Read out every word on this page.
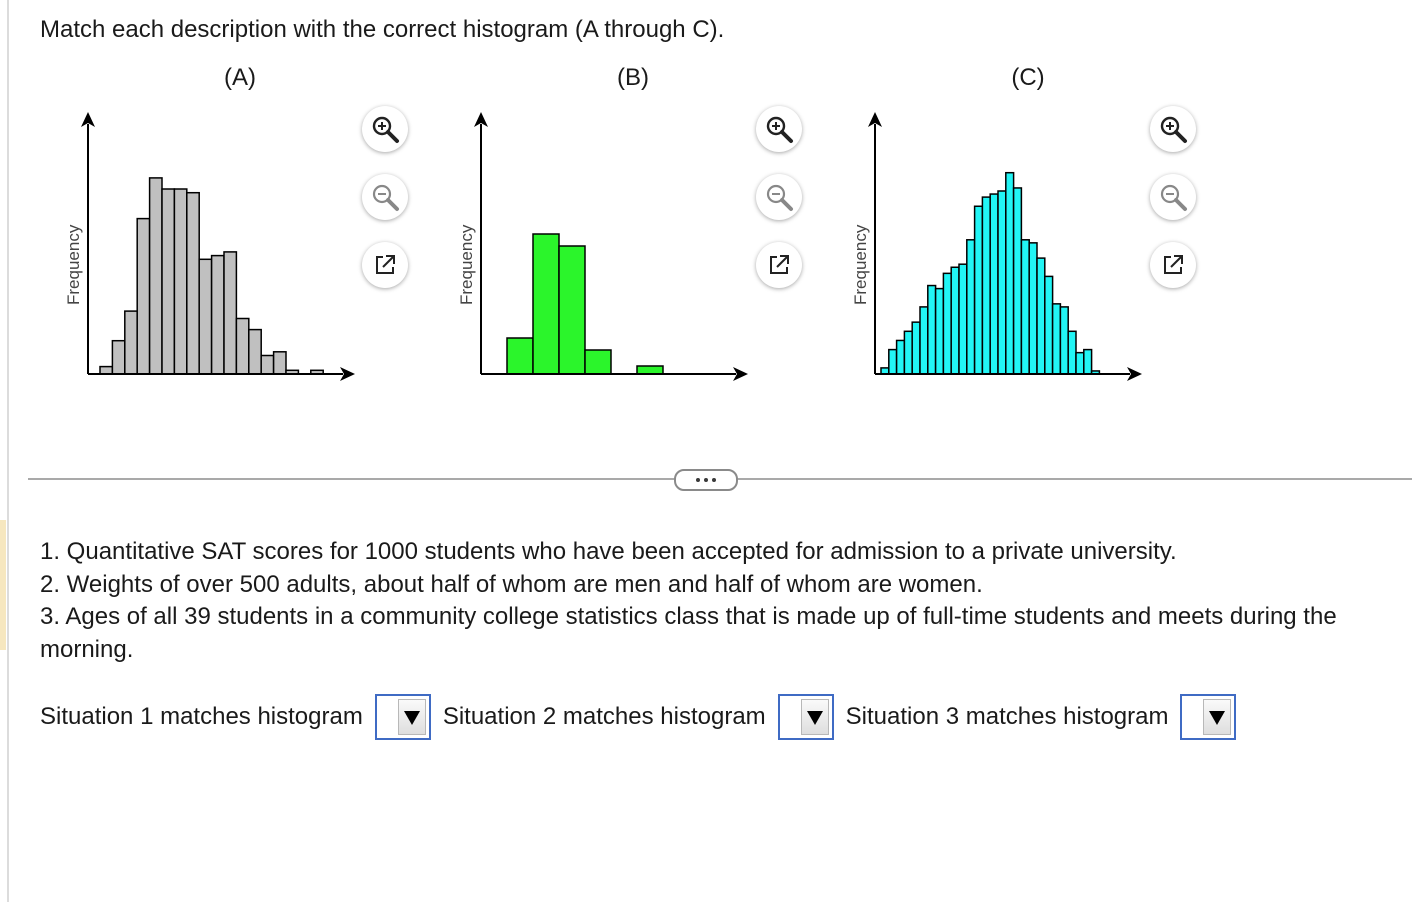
Match each description with the correct histogram (A through C).
(A)	(B)	(C)
Frequency	Frequency	Frequency

1. Quantitative SAT scores for 1000 students who have been accepted for admission to a private university.

2. Weights of over 500 adults, about half of whom are men and half of whom are women.

3. Ages of all 39 students in a community college statistics class that is made up of full-time students and meets during the morning.

Situation 1 matches histogram	Situation 2 matches histogram	Situation 3 matches histogram
